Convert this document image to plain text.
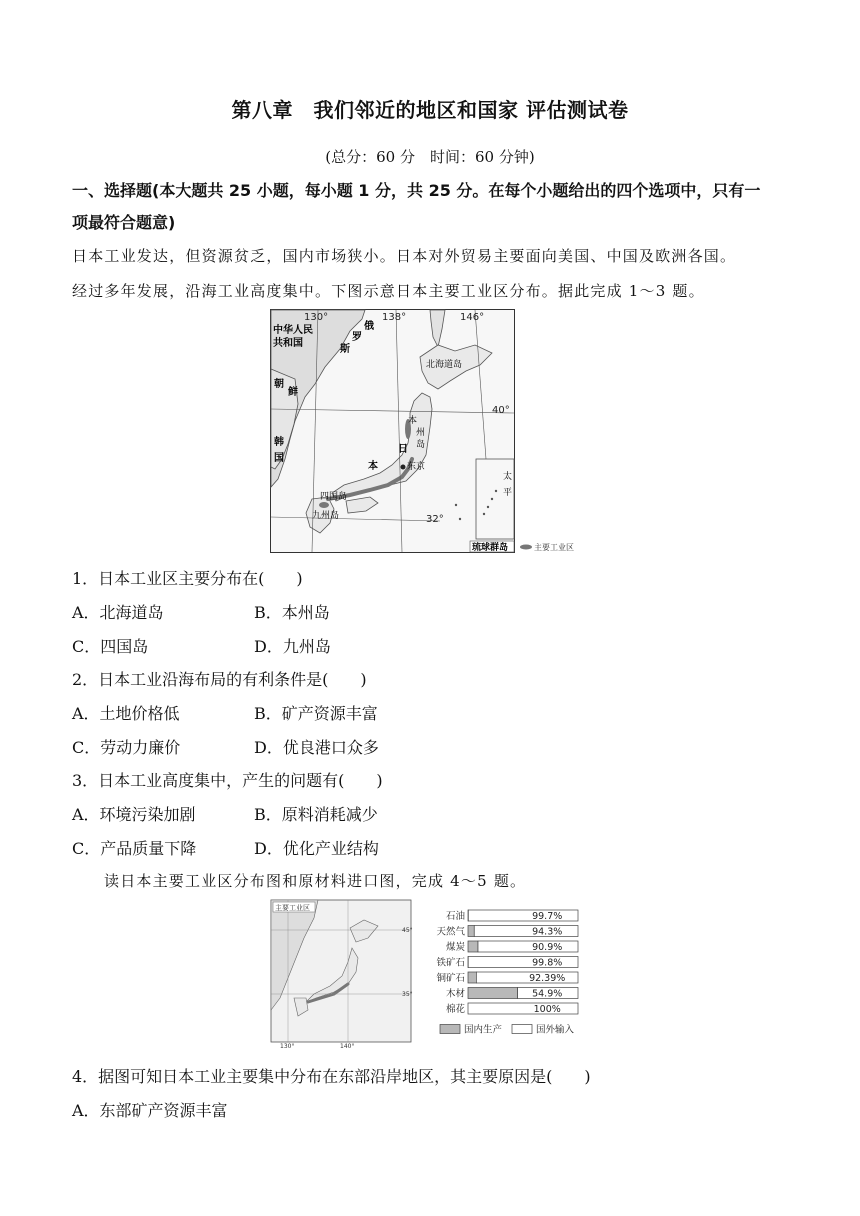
第八章　我们邻近的地区和国家 评估测试卷
(总分：60 分　时间：60 分钟)
一、选择题(本大题共 25 小题，每小题 1 分，共 25 分。在每个小题给出的四个选项中，只有一
项最符合题意)
日本工业发达，但资源贫乏，国内市场狭小。日本对外贸易主要面向美国、中国及欧洲各国。
经过多年发展，沿海工业高度集中。下图示意日本主要工业区分布。据此完成 1～3 题。
130°	138°	146°
40°
32°
中华人民
共和国
俄
罗
斯
朝
鲜
韩
国
北海道岛
本
州
岛
日
本	东京
四国岛
九州岛
太
平
琉球群岛	主要工业区
1．日本工业区主要分布在(　　)
A．北海道岛	B．本州岛
C．四国岛	D．九州岛
2．日本工业沿海布局的有利条件是(　　)
A．土地价格低	B．矿产资源丰富
C．劳动力廉价	D．优良港口众多
3．日本工业高度集中，产生的问题有(　　)
A．环境污染加剧	B．原料消耗减少
C．产品质量下降	D．优化产业结构
读日本主要工业区分布图和原材料进口图，完成 4～5 题。
主要工业区
45°
35°
130°	140°
石油	99.7%
天然气	94.3%
煤炭	90.9%
铁矿石	99.8%
铜矿石	92.39%
木材	54.9%
棉花	100%
国内生产	国外输入
4．据图可知日本工业主要集中分布在东部沿岸地区，其主要原因是(　　)
A．东部矿产资源丰富
